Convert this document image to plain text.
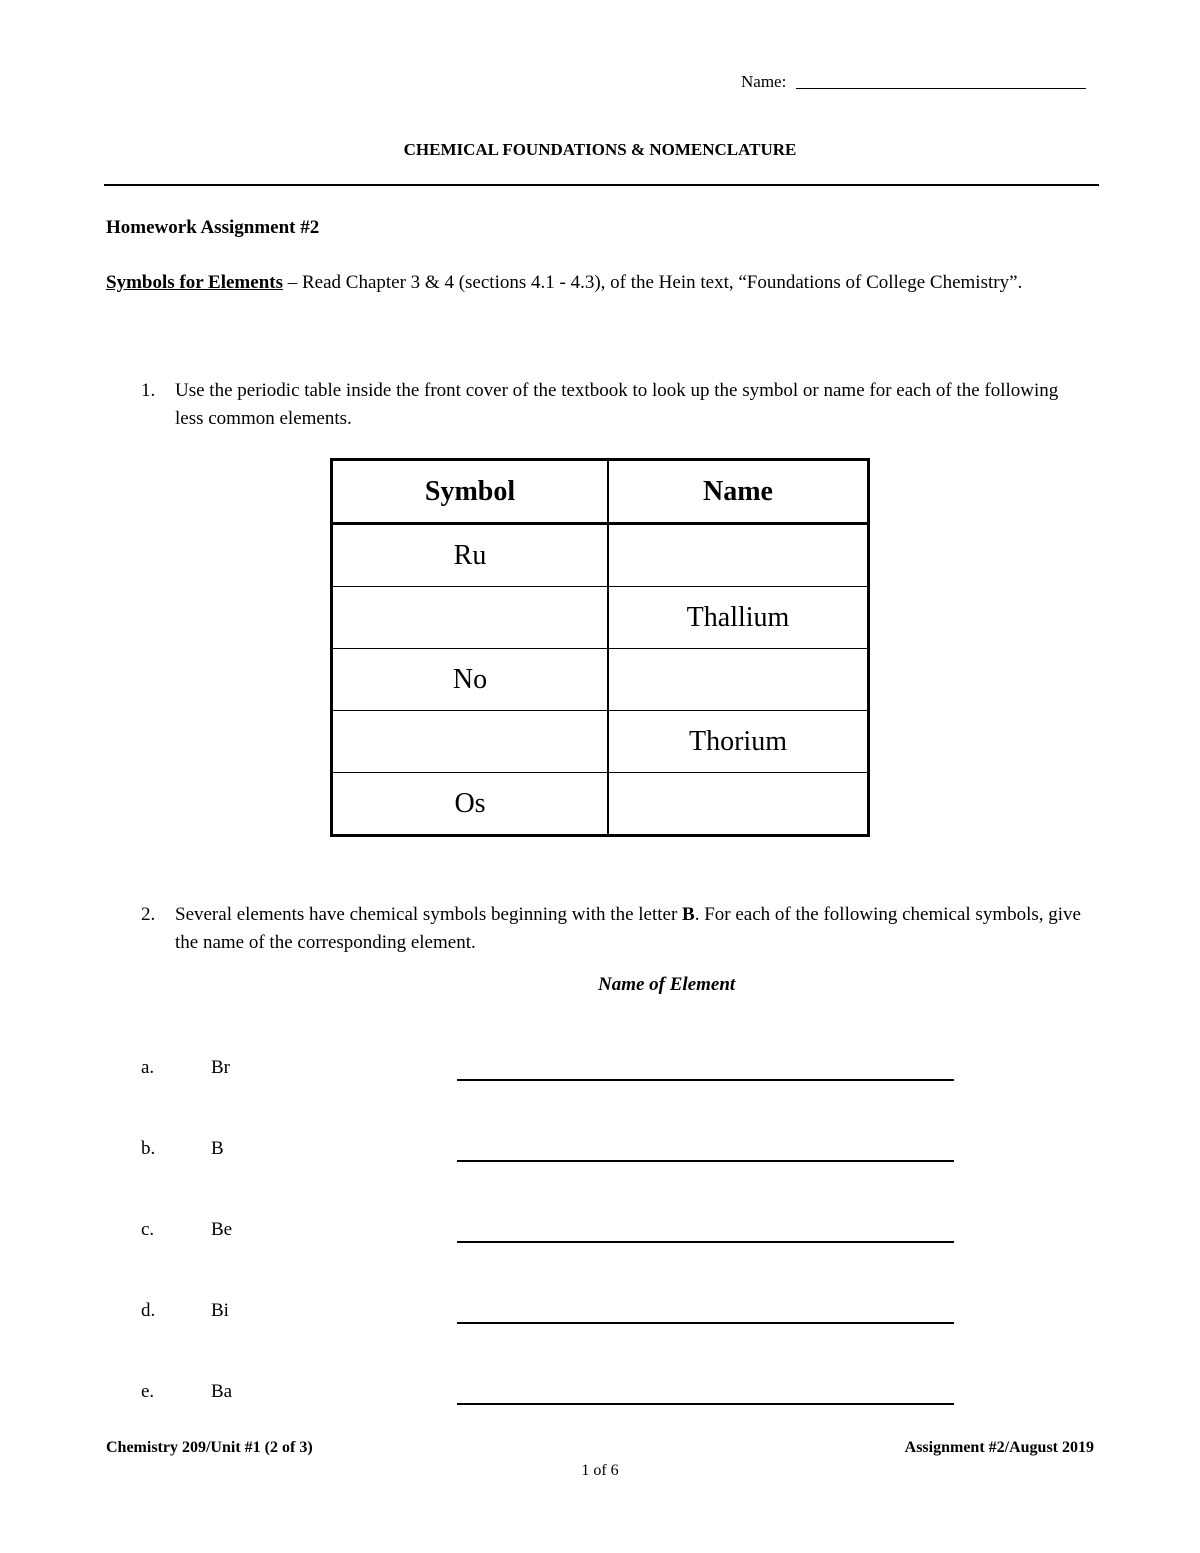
Name:
CHEMICAL FOUNDATIONS & NOMENCLATURE
Homework Assignment #2
Symbols for Elements – Read Chapter 3 & 4 (sections 4.1 - 4.3), of the Hein text, “Foundations of College Chemistry”.
1. Use the periodic table inside the front cover of the textbook to look up the symbol or name for each of the following less common elements.
Symbol	Name
Ru	
	Thallium
No	
	Thorium
Os	
2. Several elements have chemical symbols beginning with the letter B. For each of the following chemical symbols, give the name of the corresponding element.
Name of Element
a.	Br
b.	B
c.	Be
d.	Bi
e.	Ba
Chemistry 209/Unit #1 (2 of 3)	Assignment #2/August 2019
1 of 6
